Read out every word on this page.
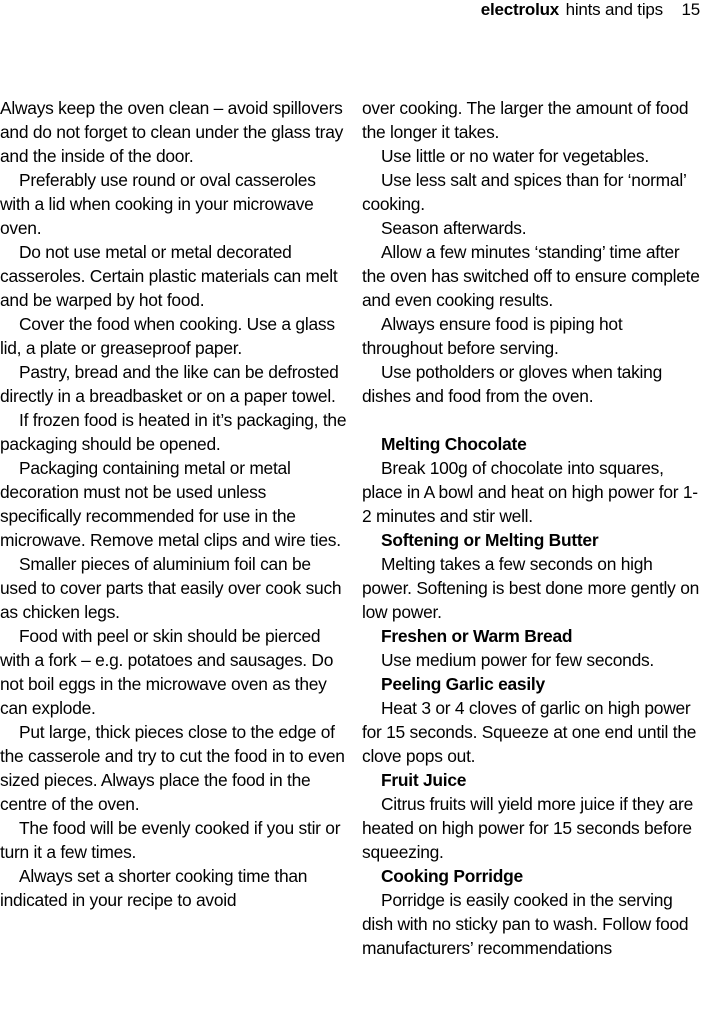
electrolux hints and tips 15

Always keep the oven clean – avoid spillovers and do not forget to clean under the glass tray and the inside of the door.

Preferably use round or oval casseroles with a lid when cooking in your microwave oven.

Do not use metal or metal decorated casseroles. Certain plastic materials can melt and be warped by hot food.

Cover the food when cooking. Use a glass lid, a plate or greaseproof paper.

Pastry, bread and the like can be defrosted directly in a breadbasket or on a paper towel.

If frozen food is heated in it’s packaging, the packaging should be opened.

Packaging containing metal or metal decoration must not be used unless specifically recommended for use in the microwave. Remove metal clips and wire ties.

Smaller pieces of aluminium foil can be used to cover parts that easily over cook such as chicken legs.

Food with peel or skin should be pierced with a fork – e.g. potatoes and sausages. Do not boil eggs in the microwave oven as they can explode.

Put large, thick pieces close to the edge of the casserole and try to cut the food in to even sized pieces. Always place the food in the centre of the oven.

The food will be evenly cooked if you stir or turn it a few times.

Always set a shorter cooking time than indicated in your recipe to avoid

over cooking. The larger the amount of food the longer it takes.

Use little or no water for vegetables.

Use less salt and spices than for ‘normal’ cooking.

Season afterwards.

Allow a few minutes ‘standing’ time after the oven has switched off to ensure complete and even cooking results.

Always ensure food is piping hot throughout before serving.

Use potholders or gloves when taking dishes and food from the oven.

Melting Chocolate

Break 100g of chocolate into squares, place in A bowl and heat on high power for 1-2 minutes and stir well.

Softening or Melting Butter

Melting takes a few seconds on high power. Softening is best done more gently on low power.

Freshen or Warm Bread

Use medium power for few seconds.

Peeling Garlic easily

Heat 3 or 4 cloves of garlic on high power for 15 seconds. Squeeze at one end until the clove pops out.

Fruit Juice

Citrus fruits will yield more juice if they are heated on high power for 15 seconds before squeezing.

Cooking Porridge

Porridge is easily cooked in the serving dish with no sticky pan to wash. Follow food manufacturers’ recommendations
